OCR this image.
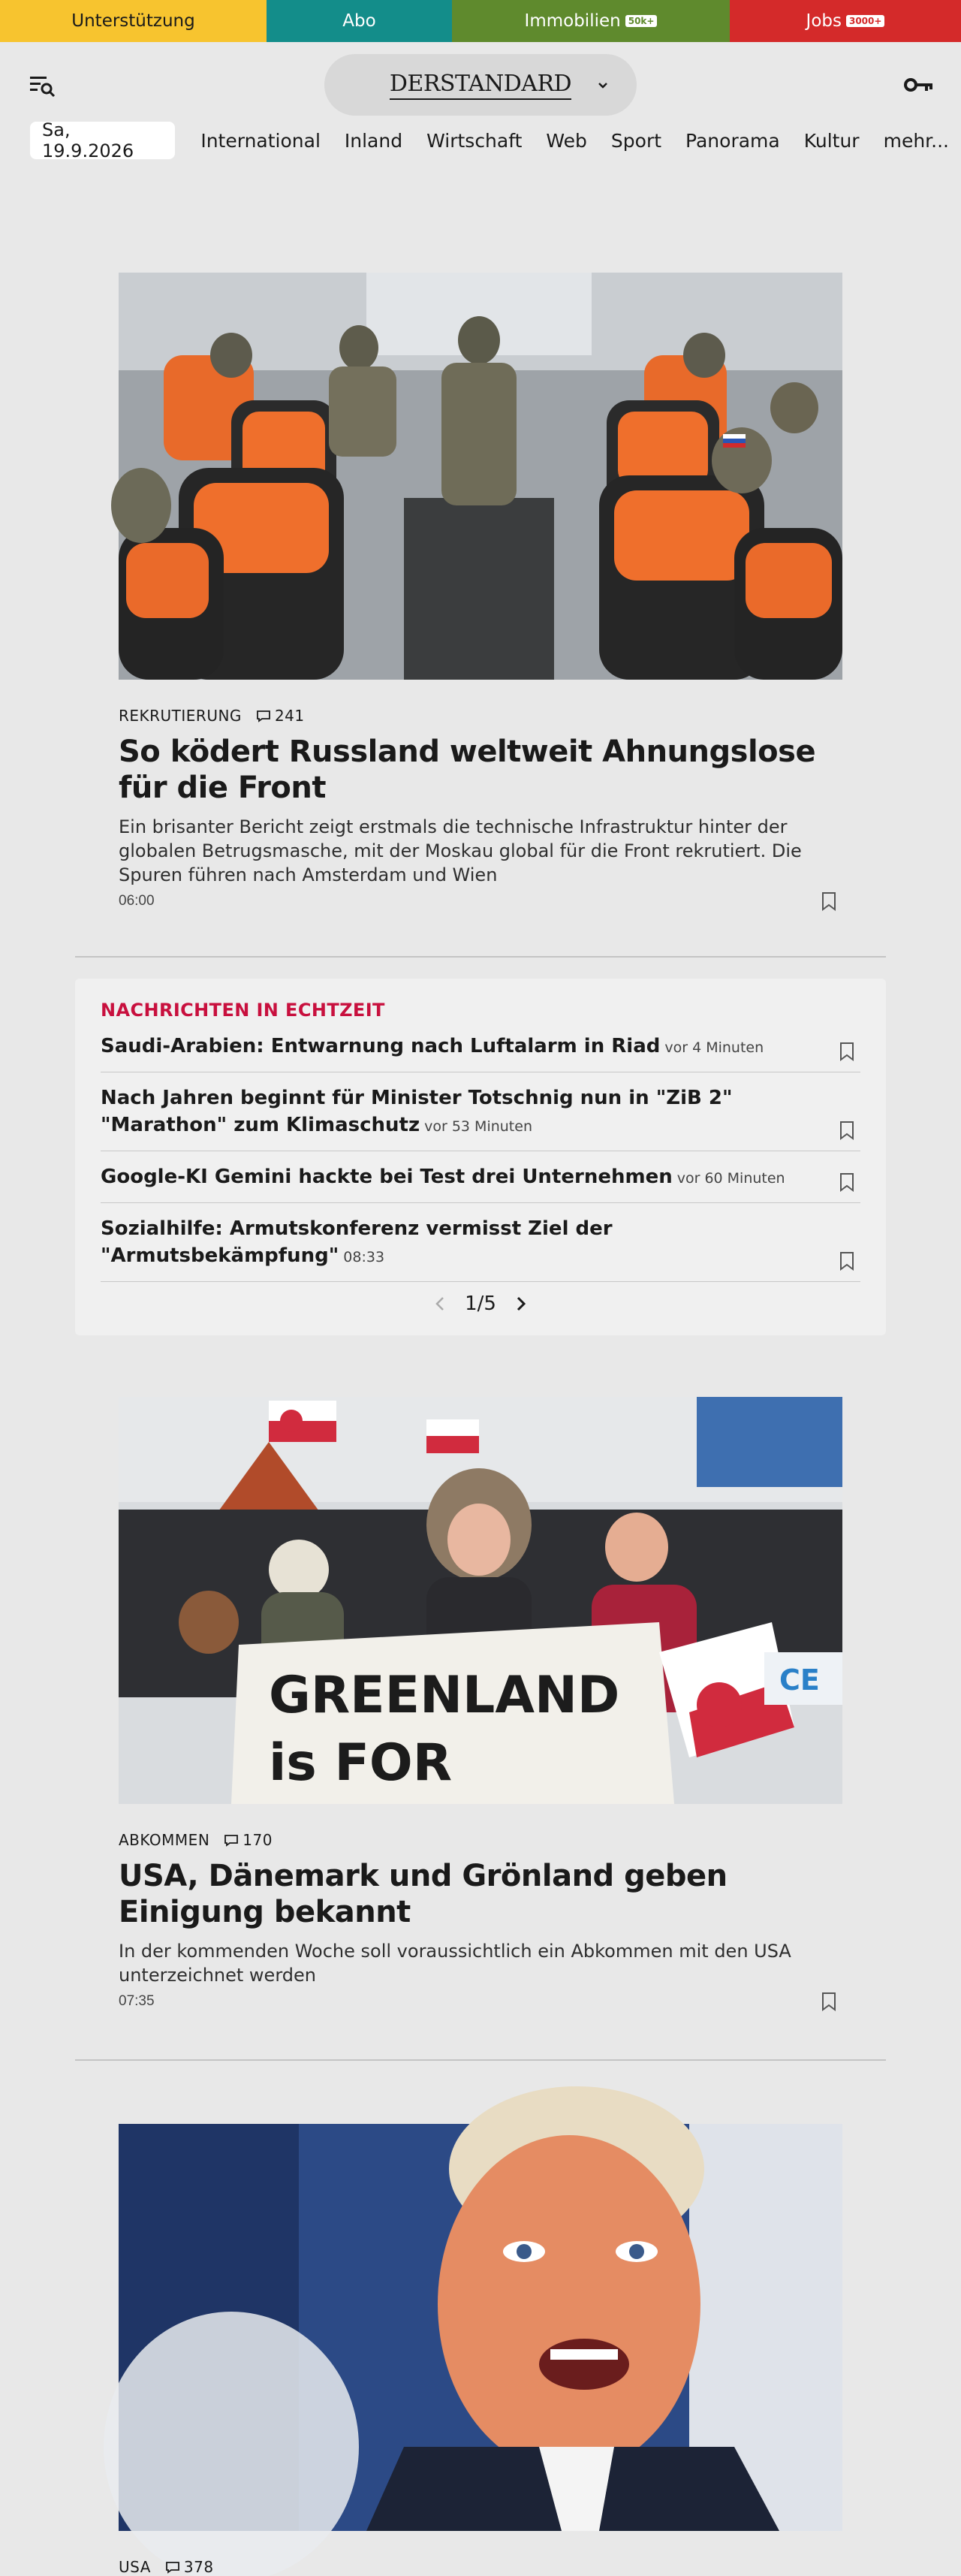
Unterstützung	Abo	Immobilien 50k+	Jobs 3000+
DERSTANDARD
Sa, 19.9.2026	International Inland Wirtschaft Web Sport Panorama Kultur mehr...
REKRUTIERUNG 241
So ködert Russland weltweit Ahnungslose für die Front
Ein brisanter Bericht zeigt erstmals die technische Infrastruktur hinter der globalen Betrugsmasche, mit der Moskau global für die Front rekrutiert. Die Spuren führen nach Amsterdam und Wien
06:00
NACHRICHTEN IN ECHTZEIT
Saudi-Arabien: Entwarnung nach Luftalarm in Riad vor 4 Minuten
Nach Jahren beginnt für Minister Totschnig nun in "ZiB 2" "Marathon" zum Klimaschutz vor 53 Minuten
Google-KI Gemini hackte bei Test drei Unternehmen vor 60 Minuten
Sozialhilfe: Armutskonferenz vermisst Ziel der "Armutsbekämpfung" 08:33
1/5
GREENLAND
is FOR
CE
ABKOMMEN 170
USA, Dänemark und Grönland geben Einigung bekannt
In der kommenden Woche soll voraussichtlich ein Abkommen mit den USA unterzeichnet werden
07:35
USA 378
